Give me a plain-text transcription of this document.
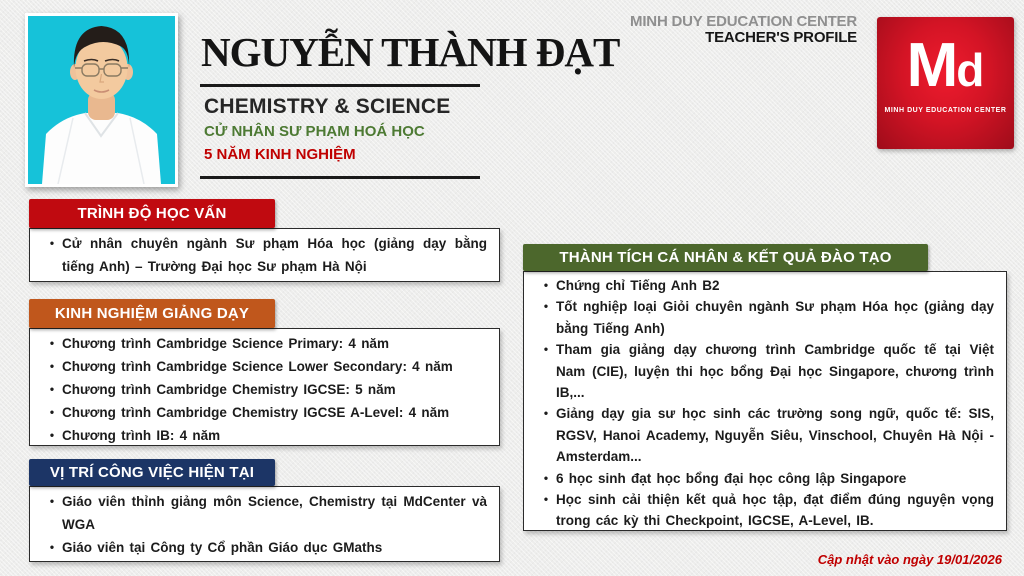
NGUYỄN THÀNH ĐẠT
CHEMISTRY & SCIENCE
CỬ NHÂN SƯ PHẠM HOÁ HỌC
5 NĂM KINH NGHIỆM
MINH DUY EDUCATION CENTER
TEACHER'S PROFILE Md
MINH DUY EDUCATION CENTER
TRÌNH ĐỘ HỌC VẤN
• Cử nhân chuyên ngành Sư phạm Hóa học (giảng dạy bằng tiếng Anh) – Trường Đại học Sư phạm Hà Nội
KINH NGHIỆM GIẢNG DẠY
• Chương trình Cambridge Science Primary: 4 năm
• Chương trình Cambridge Science Lower Secondary: 4 năm
• Chương trình Cambridge Chemistry IGCSE: 5 năm
• Chương trình Cambridge Chemistry IGCSE A-Level: 4 năm
• Chương trình IB: 4 năm
VỊ TRÍ CÔNG VIỆC HIỆN TẠI
• Giáo viên thỉnh giảng môn Science, Chemistry tại MdCenter và WGA
• Giáo viên tại Công ty Cổ phần Giáo dục GMaths
THÀNH TÍCH CÁ NHÂN & KẾT QUẢ ĐÀO TẠO
• Chứng chỉ Tiếng Anh B2
• Tốt nghiệp loại Giỏi chuyên ngành Sư phạm Hóa học (giảng dạy bằng Tiếng Anh)
• Tham gia giảng dạy chương trình Cambridge quốc tế tại Việt Nam (CIE), luyện thi học bổng Đại học Singapore, chương trình IB,...
• Giảng dạy gia sư học sinh các trường song ngữ, quốc tế: SIS, RGSV, Hanoi Academy, Nguyễn Siêu, Vinschool, Chuyên Hà Nội - Amsterdam...
• 6 học sinh đạt học bổng đại học công lập Singapore
• Học sinh cải thiện kết quả học tập, đạt điểm đúng nguyện vọng trong các kỳ thi Checkpoint, IGCSE, A-Level, IB.
Cập nhật vào ngày 19/01/2026
